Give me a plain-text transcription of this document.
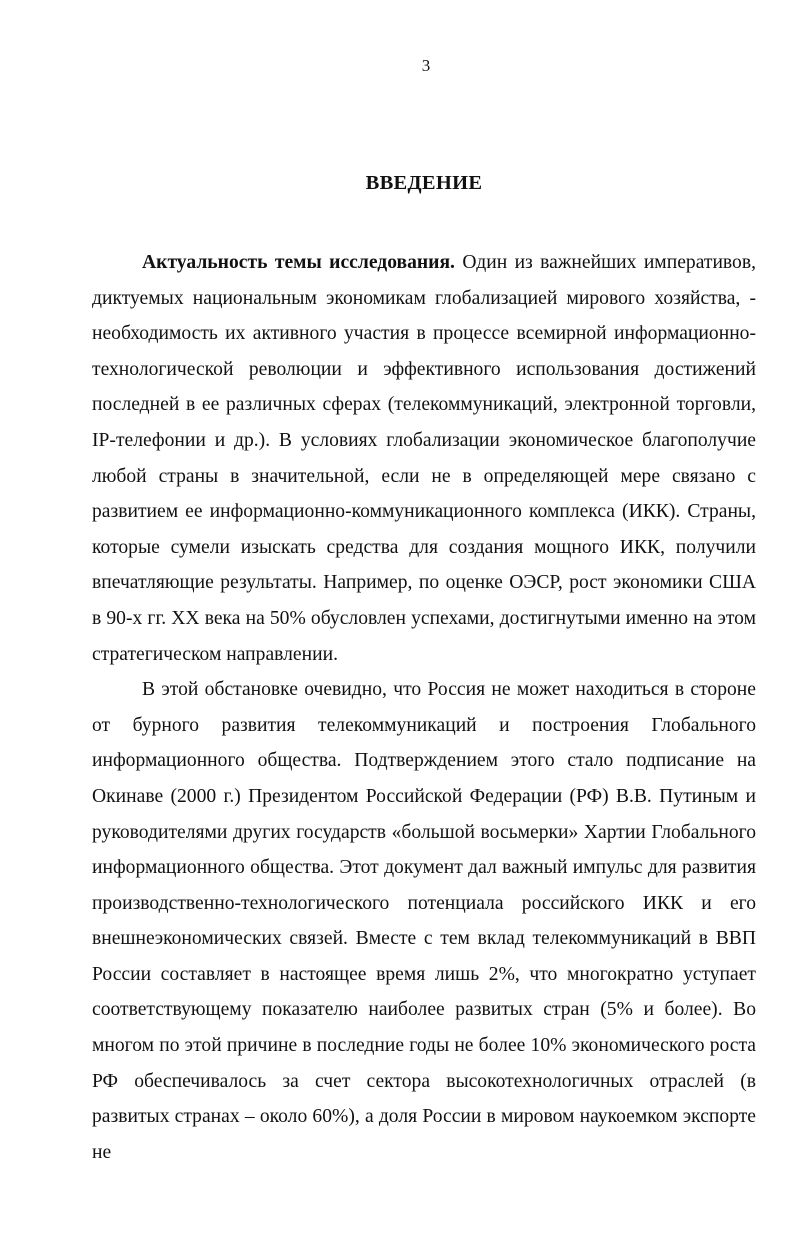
3
ВВЕДЕНИЕ

Актуальность темы исследования. Один из важнейших императивов, диктуемых национальным экономикам глобализацией мирового хозяйства, - необходимость их активного участия в процессе всемирной информационно-технологической революции и эффективного использования достижений последней в ее различных сферах (телекоммуникаций, электронной торговли, IP-телефонии и др.). В условиях глобализации экономическое благополучие любой страны в значительной, если не в определяющей мере связано с развитием ее информационно-коммуникационного комплекса (ИКК). Страны, которые сумели изыскать средства для создания мощного ИКК, получили впечатляющие результаты. Например, по оценке ОЭСР, рост экономики США в 90-х гг. XX века на 50% обусловлен успехами, достигнутыми именно на этом стратегическом направлении.

В этой обстановке очевидно, что Россия не может находиться в стороне от бурного развития телекоммуникаций и построения Глобального информационного общества. Подтверждением этого стало подписание на Окинаве (2000 г.) Президентом Российской Федерации (РФ) В.В. Путиным и руководителями других государств «большой восьмерки» Хартии Глобального информационного общества. Этот документ дал важный импульс для развития производственно-технологического потенциала российского ИКК и его внешнеэкономических связей. Вместе с тем вклад телекоммуникаций в ВВП России составляет в настоящее время лишь 2%, что многократно уступает соответствующему показателю наиболее развитых стран (5% и более). Во многом по этой причине в последние годы не более 10% экономического роста РФ обеспечивалось за счет сектора высокотехнологичных отраслей (в развитых странах – около 60%), а доля России в мировом наукоемком экспорте не
